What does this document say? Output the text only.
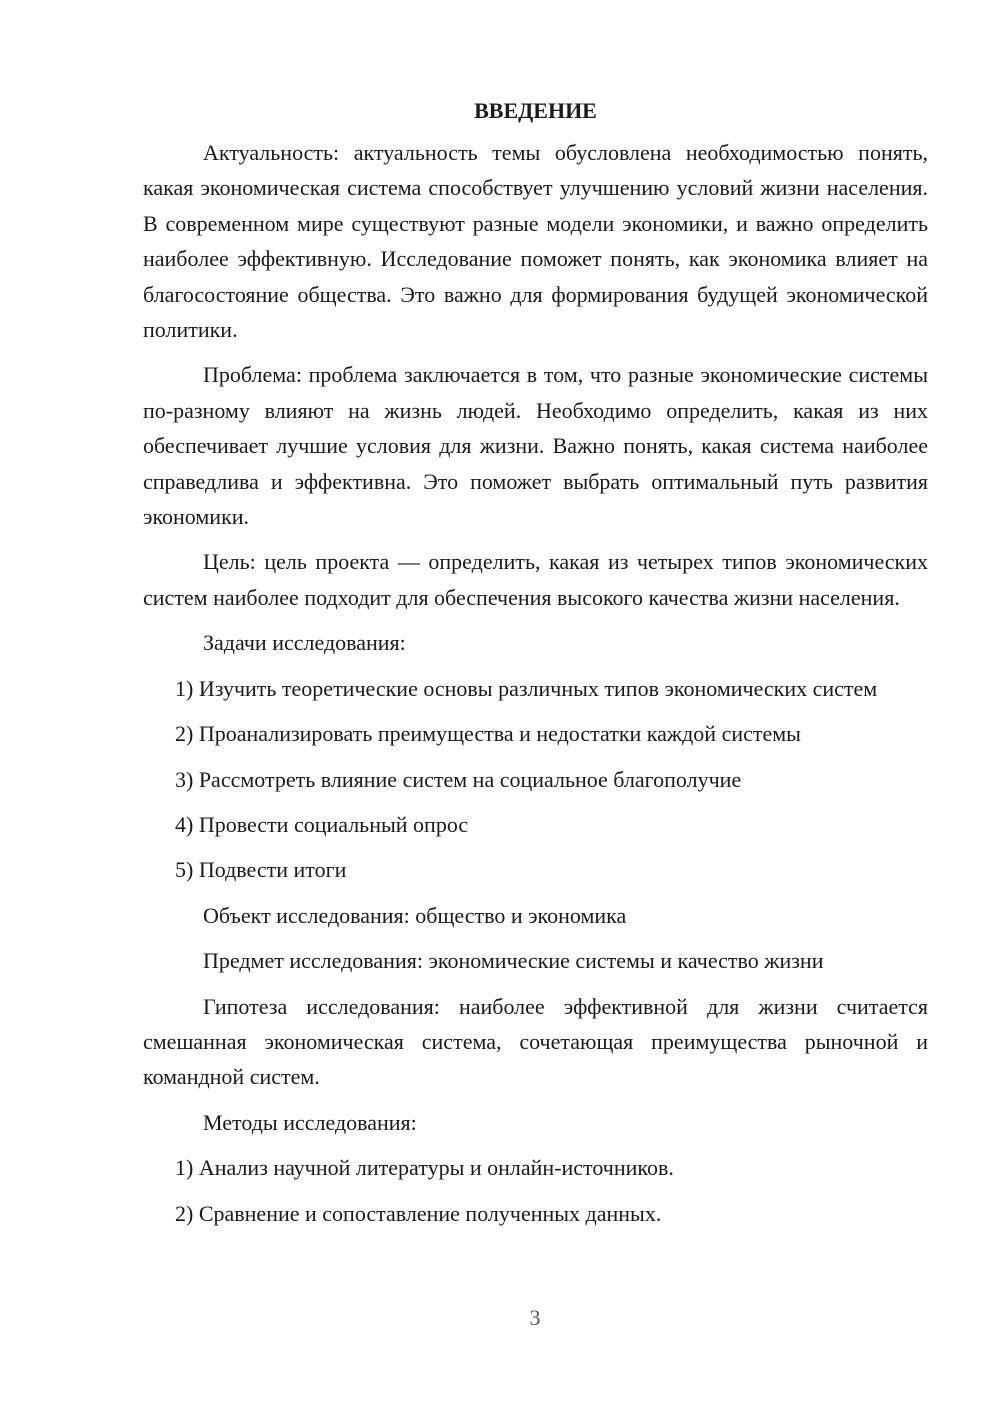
ВВЕДЕНИЕ

Актуальность: актуальность темы обусловлена необходимостью понять, какая экономическая система способствует улучшению условий жизни населения. В современном мире существуют разные модели экономики, и важно определить наиболее эффективную. Исследование поможет понять, как экономика влияет на благосостояние общества. Это важно для формирования будущей экономической политики.

Проблема: проблема заключается в том, что разные экономические системы по-разному влияют на жизнь людей. Необходимо определить, какая из них обеспечивает лучшие условия для жизни. Важно понять, какая система наиболее справедлива и эффективна. Это поможет выбрать оптимальный путь развития экономики.

Цель: цель проекта — определить, какая из четырех типов экономических систем наиболее подходит для обеспечения высокого качества жизни населения.

Задачи исследования:

1) Изучить теоретические основы различных типов экономических систем

2) Проанализировать преимущества и недостатки каждой системы

3) Рассмотреть влияние систем на социальное благополучие

4) Провести социальный опрос

5) Подвести итоги

Объект исследования: общество и экономика

Предмет исследования: экономические системы и качество жизни

Гипотеза исследования: наиболее эффективной для жизни считается смешанная экономическая система, сочетающая преимущества рыночной и командной систем.

Методы исследования:

1) Анализ научной литературы и онлайн-источников.

2) Сравнение и сопоставление полученных данных.

3
